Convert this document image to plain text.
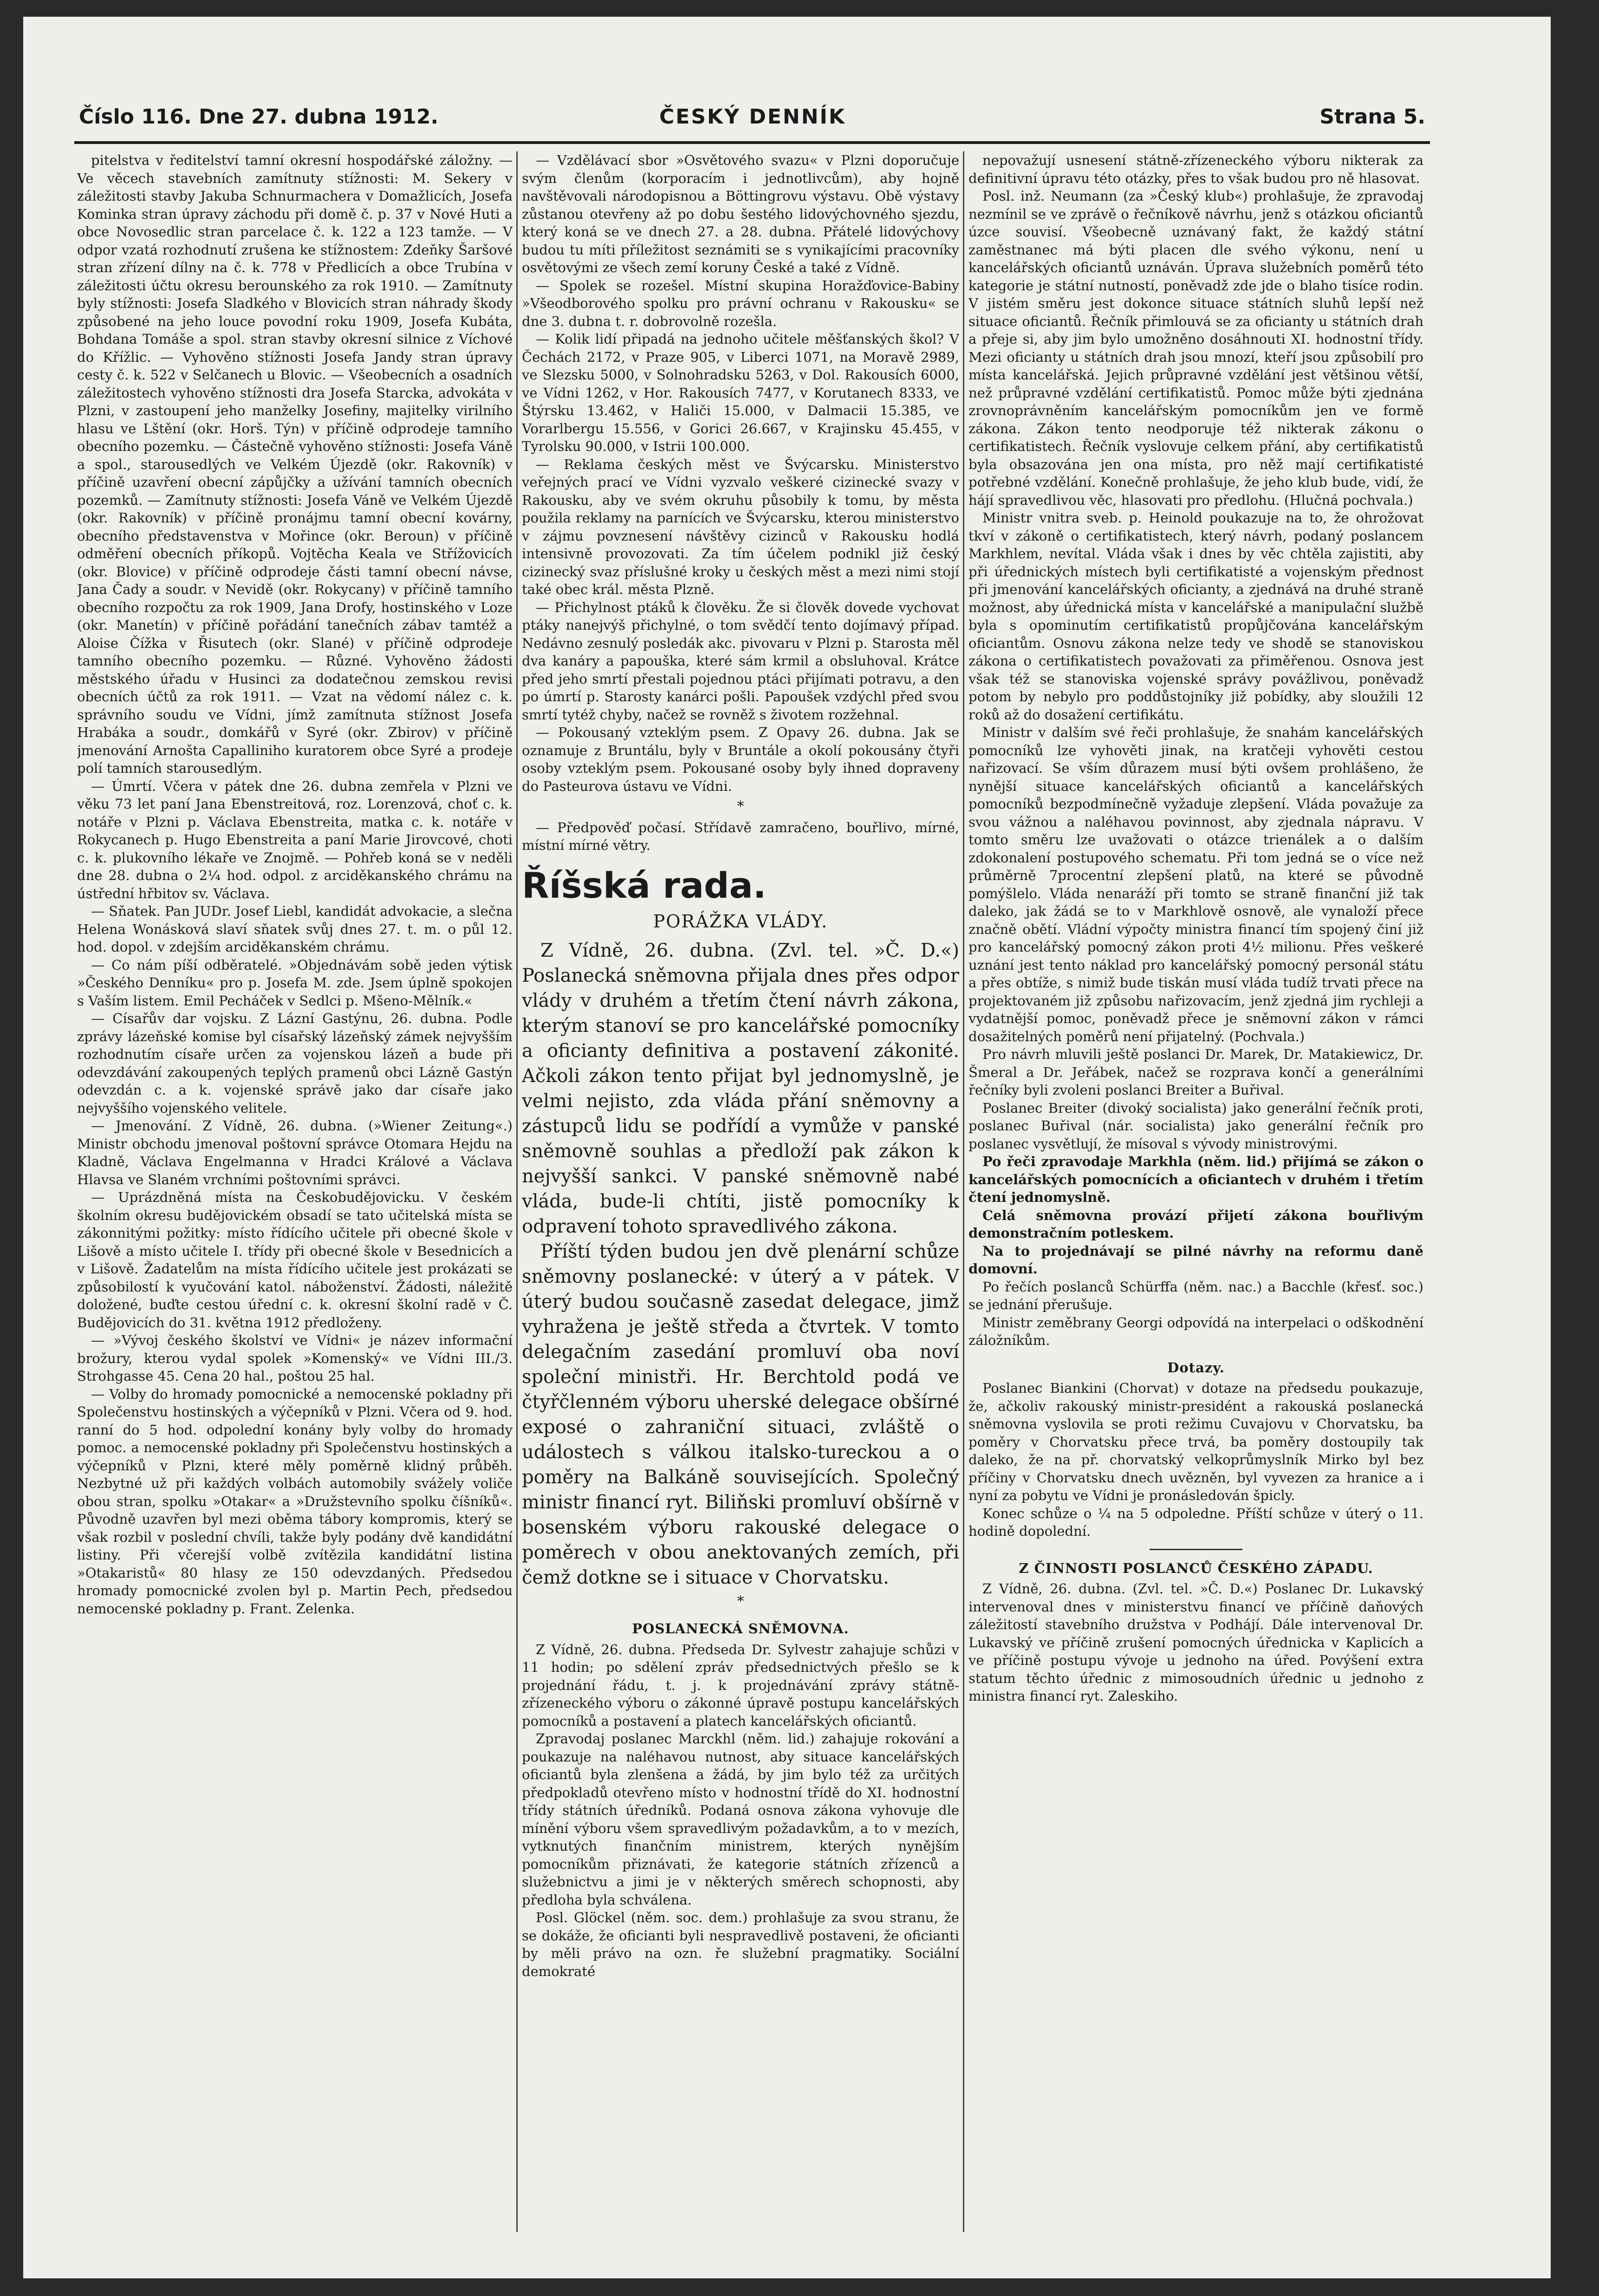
Číslo 116. Dne 27. dubna 1912.	ČESKÝ DENNÍK	Strana 5.

pitelstva v ředitelství tamní okresní hospodářské záložny. — Ve věcech stavebních zamítnuty stížnosti: M. Sekery v záležitosti stavby Jakuba Schnurmachera v Domažlicích, Josefa Kominka stran úpravy záchodu při domě č. p. 37 v Nové Huti a obce Novosedlic stran parcelace č. k. 122 a 123 tamže. — V odpor vzatá rozhodnutí zrušena ke stížnostem: Zdeňky Šaršové stran zřízení dílny na č. k. 778 v Předlicích a obce Trubína v záležitosti účtu okresu berounského za rok 1910. — Zamítnuty byly stížnosti: Josefa Sladkého v Blovicích stran náhrady škody způsobené na jeho louce povodní roku 1909, Josefa Kubáta, Bohdana Tomáše a spol. stran stavby okresní silnice z Víchové do Křížlic. — Vyhověno stížnosti Josefa Jandy stran úpravy cesty č. k. 522 v Selčanech u Blovic. — Všeobecních a osadních záležitostech vyhověno stížnosti dra Josefa Starcka, advokáta v Plzni, v zastoupení jeho manželky Josefiny, majitelky virilního hlasu ve Lštění (okr. Horš. Týn) v příčině odprodeje tamního obecního pozemku. — Částečně vyhověno stížnosti: Josefa Váně a spol., starousedlých ve Velkém Újezdě (okr. Rakovník) v příčině uzavření obecní zápůjčky a užívání tamních obecních pozemků. — Zamítnuty stížnosti: Josefa Váně ve Velkém Újezdě (okr. Rakovník) v příčině pronájmu tamní obecní kovárny, obecního představenstva v Mořince (okr. Beroun) v příčině odměření obecních příkopů. Vojtěcha Keala ve Střížovicích (okr. Blovice) v příčině odprodeje části tamní obecní návse, Jana Čady a soudr. v Nevidě (okr. Rokycany) v příčině tamního obecního rozpočtu za rok 1909, Jana Drofy, hostinského v Loze (okr. Manetín) v příčině pořádání tanečních zábav tamtéž a Aloise Čížka v Řisutech (okr. Slané) v příčině odprodeje tamního obecního pozemku. — Různé. Vyhověno žádosti městského úřadu v Husinci za dodatečnou zemskou revisi obecních účtů za rok 1911. — Vzat na vědomí nález c. k. správního soudu ve Vídni, jímž zamítnuta stížnost Josefa Hrabáka a soudr., domkářů v Syré (okr. Zbirov) v příčině jmenování Arnošta Capalliniho kuratorem obce Syré a prodeje polí tamních starousedlým.

— Úmrtí. Včera v pátek dne 26. dubna zemřela v Plzni ve věku 73 let paní Jana Ebenstreitová, roz. Lorenzová, choť c. k. notáře v Plzni p. Václava Ebenstreita, matka c. k. notáře v Rokycanech p. Hugo Ebenstreita a paní Marie Jirovcové, choti c. k. plukovního lékaře ve Znojmě. — Pohřeb koná se v neděli dne 28. dubna o 2¼ hod. odpol. z arciděkanského chrámu na ústřední hřbitov sv. Václava.

— Sňatek. Pan JUDr. Josef Liebl, kandidát advokacie, a slečna Helena Wonásková slaví sňatek svůj dnes 27. t. m. o půl 12. hod. dopol. v zdejším arciděkanském chrámu.

— Co nám píší odběratelé. »Objednávám sobě jeden výtisk »Českého Denníku« pro p. Josefa M. zde. Jsem úplně spokojen s Vaším listem. Emil Pecháček v Sedlci p. Mšeno-Mělník.«

— Císařův dar vojsku. Z Lázní Gastýnu, 26. dubna. Podle zprávy lázeňské komise byl císařský lázeňský zámek nejvyšším rozhodnutím císaře určen za vojenskou lázeň a bude při odevzdávání zakoupených teplých pramenů obci Lázně Gastýn odevzdán c. a k. vojenské správě jako dar císaře jako nejvyššího vojenského velitele.

— Jmenování. Z Vídně, 26. dubna. (»Wiener Zeitung«.) Ministr obchodu jmenoval poštovní správce Otomara Hejdu na Kladně, Václava Engelmanna v Hradci Králové a Václava Hlavsa ve Slaném vrchními poštovními správci.

— Uprázdněná místa na Českobudějovicku. V českém školním okresu budějovickém obsadí se tato učitelská místa se zákonnitými požitky: místo řídícího učitele při obecné škole v Lišově a místo učitele I. třídy při obecné škole v Besednicích a v Lišově. Žadatelům na místa řídícího učitele jest prokázati se způsobilostí k vyučování katol. náboženství. Žádosti, náležitě doložené, buďte cestou úřední c. k. okresní školní radě v Č. Budějovicích do 31. května 1912 předloženy.

— »Vývoj českého školství ve Vídni« je název informační brožury, kterou vydal spolek »Komenský« ve Vídni III./3. Strohgasse 45. Cena 20 hal., poštou 25 hal.

— Volby do hromady pomocnické a nemocenské pokladny při Společenstvu hostinských a výčepníků v Plzni. Včera od 9. hod. ranní do 5 hod. odpolední konány byly volby do hromady pomoc. a nemocenské pokladny při Společenstvu hostinských a výčepníků v Plzni, které měly poměrně klidný průběh. Nezbytné už při každých volbách automobily svážely voliče obou stran, spolku »Otakar« a »Družstevního spolku číšníků«. Původně uzavřen byl mezi oběma tábory kompromis, který se však rozbil v poslední chvíli, takže byly podány dvě kandidátní listiny. Při včerejší volbě zvítězila kandidátní listina »Otakaristů« 80 hlasy ze 150 odevzdaných. Předsedou hromady pomocnické zvolen byl p. Martin Pech, předsedou nemocenské pokladny p. Frant. Zelenka.

— Vzdělávací sbor »Osvětového svazu« v Plzni doporučuje svým členům (korporacím i jednotlivcům), aby hojně navštěvovali národopisnou a Böttingrovu výstavu. Obě výstavy zůstanou otevřeny až po dobu šestého lidovýchovného sjezdu, který koná se ve dnech 27. a 28. dubna. Přátelé lidovýchovy budou tu míti příležitost seznámiti se s vynikajícími pracovníky osvětovými ze všech zemí koruny České a také z Vídně.

— Spolek se rozešel. Místní skupina Horažďovice-Babiny »Všeodborového spolku pro právní ochranu v Rakousku« se dne 3. dubna t. r. dobrovolně rozešla.

— Kolik lidí připadá na jednoho učitele měšťanských škol? V Čechách 2172, v Praze 905, v Liberci 1071, na Moravě 2989, ve Slezsku 5000, v Solnohradsku 5263, v Dol. Rakousích 6000, ve Vídni 1262, v Hor. Rakousích 7477, v Korutanech 8333, ve Štýrsku 13.462, v Haliči 15.000, v Dalmacii 15.385, ve Vorarlbergu 15.556, v Gorici 26.667, v Krajinsku 45.455, v Tyrolsku 90.000, v Istrii 100.000.

— Reklama českých měst ve Švýcarsku. Ministerstvo veřejných prací ve Vídni vyzvalo veškeré cizinecké svazy v Rakousku, aby ve svém okruhu působily k tomu, by města použila reklamy na parnících ve Švýcarsku, kterou ministerstvo v zájmu povznesení návštěvy cizinců v Rakousku hodlá intensivně provozovati. Za tím účelem podnikl již český cizinecký svaz příslušné kroky u českých měst a mezi nimi stojí také obec král. města Plzně.

— Přichylnost ptáků k člověku. Že si člověk dovede vychovat ptáky nanejvýš přichylné, o tom svědčí tento dojímavý případ. Nedávno zesnulý posledák akc. pivovaru v Plzni p. Starosta měl dva kanáry a papouška, které sám krmil a obsluhoval. Krátce před jeho smrtí přestali pojednou ptáci přijímati potravu, a den po úmrtí p. Starosty kanárci pošli. Papoušek vzdýchl před svou smrtí tytéž chyby, načež se rovněž s životem rozžehnal.

— Pokousaný vzteklým psem. Z Opavy 26. dubna. Jak se oznamuje z Bruntálu, byly v Bruntále a okolí pokousány čtyři osoby vzteklým psem. Pokousané osoby byly ihned dopraveny do Pasteurova ústavu ve Vídni.

*

— Předpověď počasí. Střídavě zamračeno, bouřlivo, mírné, místní mírné větry.

Říšská rada.
PORÁŽKA VLÁDY.

Z Vídně, 26. dubna. (Zvl. tel. »Č. D.«) Poslanecká sněmovna přijala dnes přes odpor vlády v druhém a třetím čtení návrh zákona, kterým stanoví se pro kancelářské pomocníky a oficianty definitiva a postavení zákonité. Ačkoli zákon tento přijat byl jednomyslně, je velmi nejisto, zda vláda přání sněmovny a zástupců lidu se podřídí a vymůže v panské sněmovně souhlas a předloží pak zákon k nejvyšší sankci. V panské sněmovně nabé vláda, bude-li chtíti, jistě pomocníky k odpravení tohoto spravedlivého zákona.

Příští týden budou jen dvě plenární schůze sněmovny poslanecké: v úterý a v pátek. V úterý budou současně zasedat delegace, jimž vyhražena je ještě středa a čtvrtek. V tomto delegačním zasedání promluví oba noví společní ministři. Hr. Berchtold podá ve čtyřčlenném výboru uherské delegace obšírné exposé o zahraniční situaci, zvláště o událostech s válkou italsko-tureckou a o poměry na Balkáně souvisejících. Společný ministr financí ryt. Biliňski promluví obšírně v bosenském výboru rakouské delegace o poměrech v obou anektovaných zemích, při čemž dotkne se i situace v Chorvatsku.

*
POSLANECKÁ SNĚMOVNA.

Z Vídně, 26. dubna. Předseda Dr. Sylvestr zahajuje schůzi v 11 hodin; po sdělení zpráv předsednictvých přešlo se k projednání řádu, t. j. k projednávání zprávy státně-zřízeneckého výboru o zákonné úpravě postupu kancelářských pomocníků a postavení a platech kancelářských oficiantů.

Zpravodaj poslanec Marckhl (něm. lid.) zahajuje rokování a poukazuje na naléhavou nutnost, aby situace kancelářských oficiantů byla zlenšena a žádá, by jim bylo též za určitých předpokladů otevřeno místo v hodnostní třídě do XI. hodnostní třídy státních úředníků. Podaná osnova zákona vyhovuje dle mínění výboru všem spravedlivým požadavkům, a to v mezích, vytknutých finančním ministrem, kterých nynějším pomocníkům přiznávati, že kategorie státních zřízenců a služebnictvu a jimi je v některých směrech schopnosti, aby předloha byla schválena.

Posl. Glöckel (něm. soc. dem.) prohlašuje za svou stranu, že se dokáže, že oficianti byli nespravedlivě postaveni, že oficianti by měli právo na ozn. ře služební pragmatiky. Sociální demokraté

nepovažují usnesení státně-zřízeneckého výboru nikterak za definitivní úpravu této otázky, přes to však budou pro ně hlasovat.

Posl. inž. Neumann (za »Český klub«) prohlašuje, že zpravodaj nezmínil se ve zprávě o řečníkově návrhu, jenž s otázkou oficiantů úzce souvisí. Všeobecně uznávaný fakt, že každý státní zaměstnanec má býti placen dle svého výkonu, není u kancelářských oficiantů uznáván. Úprava služebních poměrů této kategorie je státní nutností, poněvadž zde jde o blaho tisíce rodin. V jistém směru jest dokonce situace státních sluhů lepší než situace oficiantů. Řečník přimlouvá se za oficianty u státních drah a přeje si, aby jim bylo umožněno dosáhnouti XI. hodnostní třídy. Mezi oficianty u státních drah jsou mnozí, kteří jsou způsobilí pro místa kancelářská. Jejich průpravné vzdělání jest většinou větší, než průpravné vzdělání certifikatistů. Pomoc může býti zjednána zrovnoprávněním kancelářským pomocníkům jen ve formě zákona. Zákon tento neodporuje též nikterak zákonu o certifikatistech. Řečník vyslovuje celkem přání, aby certifikatistů byla obsazována jen ona místa, pro něž mají certifikatisté potřebné vzdělání. Konečně prohlašuje, že jeho klub bude, vidí, že hájí spravedlivou věc, hlasovati pro předlohu. (Hlučná pochvala.)

Ministr vnitra sveb. p. Heinold poukazuje na to, že ohrožovat tkví v zákoně o certifikatistech, který návrh, podaný poslancem Markhlem, nevítal. Vláda však i dnes by věc chtěla zajistiti, aby při úřednických místech byli certifikatisté a vojenským přednost při jmenování kancelářských oficianty, a zjednává na druhé straně možnost, aby úřednická místa v kancelářské a manipulační službě byla s opominutím certifikatistů propůjčována kancelářským oficiantům. Osnovu zákona nelze tedy ve shodě se stanoviskou zákona o certifikatistech považovati za přiměřenou. Osnova jest však též se stanoviska vojenské správy povážlivou, poněvadž potom by nebylo pro poddůstojníky již pobídky, aby sloužili 12 roků až do dosažení certifikátu.

Ministr v dalším své řeči prohlašuje, že snahám kancelářských pomocníků lze vyhověti jinak, na kratčeji vyhověti cestou nařizovací. Se vším důrazem musí býti ovšem prohlášeno, že nynější situace kancelářských oficiantů a kancelářských pomocníků bezpodmínečně vyžaduje zlepšení. Vláda považuje za svou vážnou a naléhavou povinnost, aby zjednala nápravu. V tomto směru lze uvažovati o otázce trienálek a o dalším zdokonalení postupového schematu. Při tom jedná se o více než průměrně 7procentní zlepšení platů, na které se původně pomýšlelo. Vláda nenaráží při tomto se straně finanční již tak daleko, jak žádá se to v Markhlově osnově, ale vynaloží přece značně obětí. Vládní výpočty ministra financí tím spojený činí již pro kancelářský pomocný zákon proti 4½ milionu. Přes veškeré uznání jest tento náklad pro kancelářský pomocný personál státu a přes obtíže, s nimiž bude tiskán musí vláda tudíž trvati přece na projektovaném již způsobu nařizovacím, jenž zjedná jim rychleji a vydatnější pomoc, poněvadž přece je sněmovní zákon v rámci dosažitelných poměrů není přijatelný. (Pochvala.)

Pro návrh mluvili ještě poslanci Dr. Marek, Dr. Matakiewicz, Dr. Šmeral a Dr. Jeřábek, načež se rozprava končí a generálními řečníky byli zvoleni poslanci Breiter a Buřival.

Poslanec Breiter (divoký socialista) jako generální řečník proti, poslanec Buřival (nár. socialista) jako generální řečník pro poslanec vysvětlují, že mísoval s vývody ministrovými.

Po řeči zpravodaje Markhla (něm. lid.) přijímá se zákon o kancelářských pomocnících a oficiantech v druhém i třetím čtení jednomyslně.

Celá sněmovna provází přijetí zákona bouřlivým demonstračním potleskem.

Na to projednávají se pilné návrhy na reformu daně domovní.

Po řečích poslanců Schürffa (něm. nac.) a Bacchle (křesť. soc.) se jednání přerušuje.

Ministr zeměbrany Georgi odpovídá na interpelaci o odškodnění záložníkům.

Dotazy.

Poslanec Biankini (Chorvat) v dotaze na předsedu poukazuje, že, ačkoliv rakouský ministr-presidént a rakouská poslanecká sněmovna vyslovila se proti režimu Cuvajovu v Chorvatsku, ba poměry v Chorvatsku přece trvá, ba poměry dostoupily tak daleko, že na př. chorvatský velkoprůmyslník Mirko byl bez příčiny v Chorvatsku dnech uvězněn, byl vyvezen za hranice a i nyní za pobytu ve Vídni je pronásledován špicly.

Konec schůze o ¼ na 5 odpoledne. Příští schůze v úterý o 11. hodině dopolední.

Z ČINNOSTI POSLANCŮ ČESKÉHO ZÁPADU.

Z Vídně, 26. dubna. (Zvl. tel. »Č. D.«) Poslanec Dr. Lukavský intervenoval dnes v ministerstvu financí ve příčině daňových záležitostí stavebního družstva v Podhájí. Dále intervenoval Dr. Lukavský ve příčině zrušení pomocných úřednicka v Kaplicích a ve příčině postupu vývoje u jednoho na úřed. Povýšení extra statum těchto úřednic z mimosoudních úřednic u jednoho z ministra financí ryt. Zaleskiho.
